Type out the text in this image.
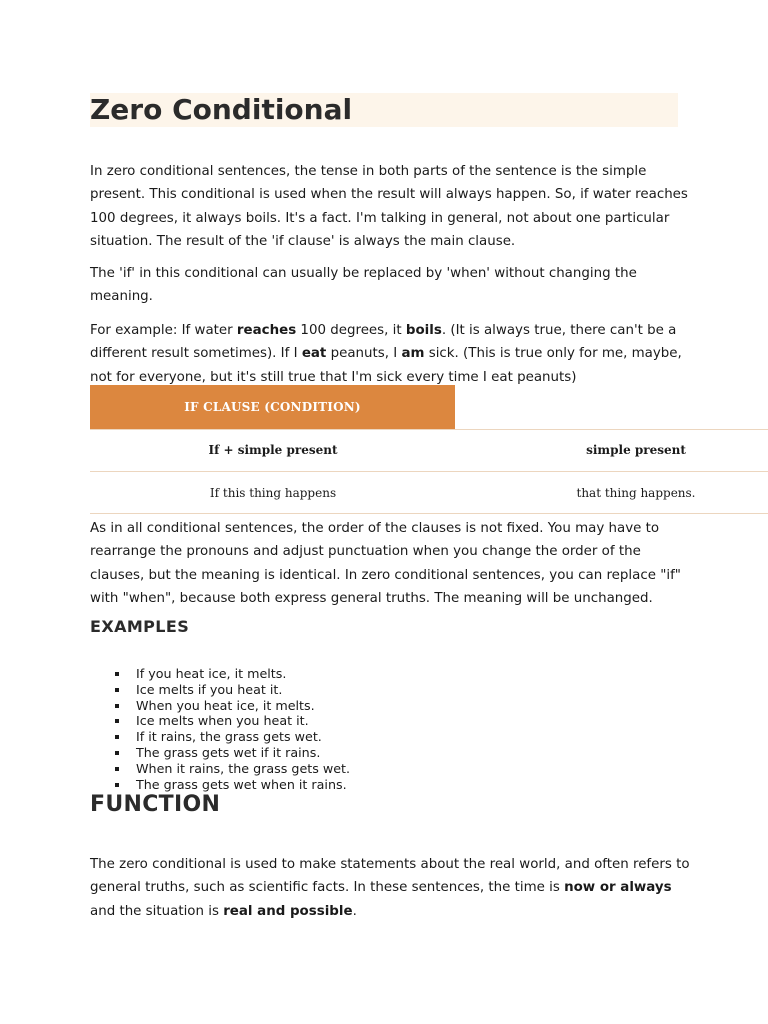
Zero Conditional

In zero conditional sentences, the tense in both parts of the sentence is the simple present. This conditional is used when the result will always happen. So, if water reaches 100 degrees, it always boils. It's a fact. I'm talking in general, not about one particular situation. The result of the 'if clause' is always the main clause.

The 'if' in this conditional can usually be replaced by 'when' without changing the meaning.

For example: If water reaches 100 degrees, it boils. (It is always true, there can't be a different result sometimes). If I eat peanuts, I am sick. (This is true only for me, maybe, not for everyone, but it's still true that I'm sick every time I eat peanuts)

IF CLAUSE (CONDITION)
If + simple present	simple present
If this thing happens	that thing happens.

As in all conditional sentences, the order of the clauses is not fixed. You may have to rearrange the pronouns and adjust punctuation when you change the order of the clauses, but the meaning is identical. In zero conditional sentences, you can replace "if" with "when", because both express general truths. The meaning will be unchanged.

EXAMPLES
If you heat ice, it melts.
Ice melts if you heat it.
When you heat ice, it melts.
Ice melts when you heat it.
If it rains, the grass gets wet.
The grass gets wet if it rains.
When it rains, the grass gets wet.
The grass gets wet when it rains.
FUNCTION

The zero conditional is used to make statements about the real world, and often refers to general truths, such as scientific facts. In these sentences, the time is now or always and the situation is real and possible.
